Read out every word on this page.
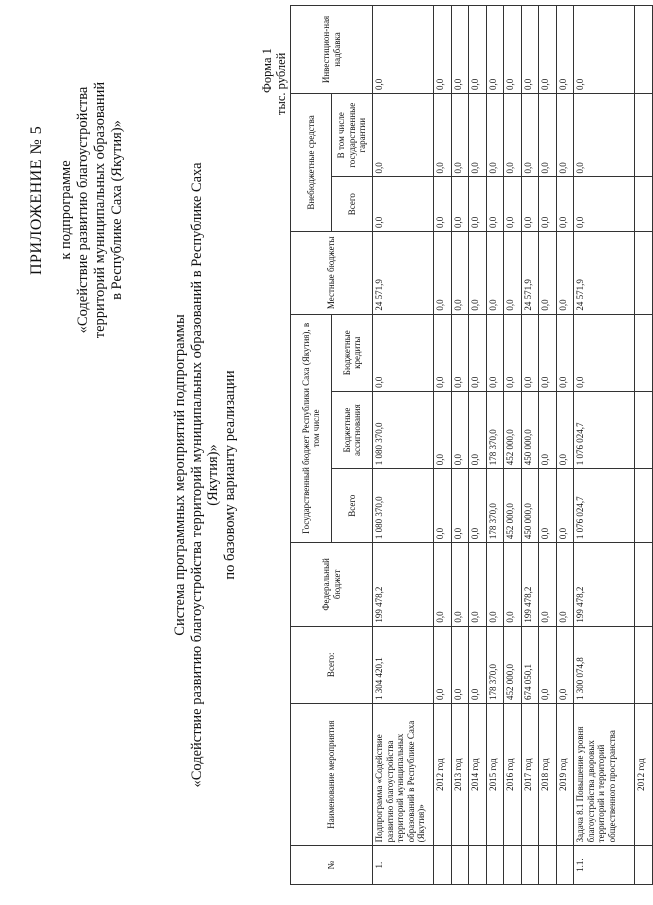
ПРИЛОЖЕНИЕ № 5 к подпрограмме «Содействие развитию благоустройства территорий муниципальных образований в Республике Саха (Якутия)»
Система программных мероприятий подпрограммы «Содействие развитию благоустройства территорий муниципальных образований в Республике Саха (Якутия)» по базовому варианту реализации
Форма 1 тыс. рублей
№	Наименование мероприятия	Всего:	Федеральный бюджет	Государственный бюджет Республики Саха (Якутия), в том числе			Местные бюджеты	Внебюджетные средства		Инвестицион-ная надбавка
				Всего	Бюджетные ассигнования	Бюджетные кредиты		Всего	В том числе государственные гарантии	
1.	Подпрограмма «Содействие развитию благоустройства территорий муниципальных образований в Республике Саха (Якутия)»	1 304 420,1	199 478,2	1 080 370,0	1 080 370,0	0,0	24 571,9	0,0	0,0	0,0
	2012 год	0,0	0,0	0,0	0,0	0,0	0,0	0,0	0,0	0,0
	2013 год	0,0	0,0	0,0	0,0	0,0	0,0	0,0	0,0	0,0
	2014 год	0,0	0,0	0,0	0,0	0,0	0,0	0,0	0,0	0,0
	2015 год	178 370,0	0,0	178 370,0	178 370,0	0,0	0,0	0,0	0,0	0,0
	2016 год	452 000,0	0,0	452 000,0	452 000,0	0,0	0,0	0,0	0,0	0,0
	2017 год	674 050,1	199 478,2	450 000,0	450 000,0	0,0	24 571,9	0,0	0,0	0,0
	2018 год	0,0	0,0	0,0	0,0	0,0	0,0	0,0	0,0	0,0
	2019 год	0,0	0,0	0,0	0,0	0,0	0,0	0,0	0,0	0,0
1.1.	Задача 8.1 Повышение уровня благоустройства дворовых территорий и территорий общественного пространства	1 300 074,8	199 478,2	1 076 024,7	1 076 024,7	0,0	24 571,9	0,0	0,0	0,0
	2012 год									
